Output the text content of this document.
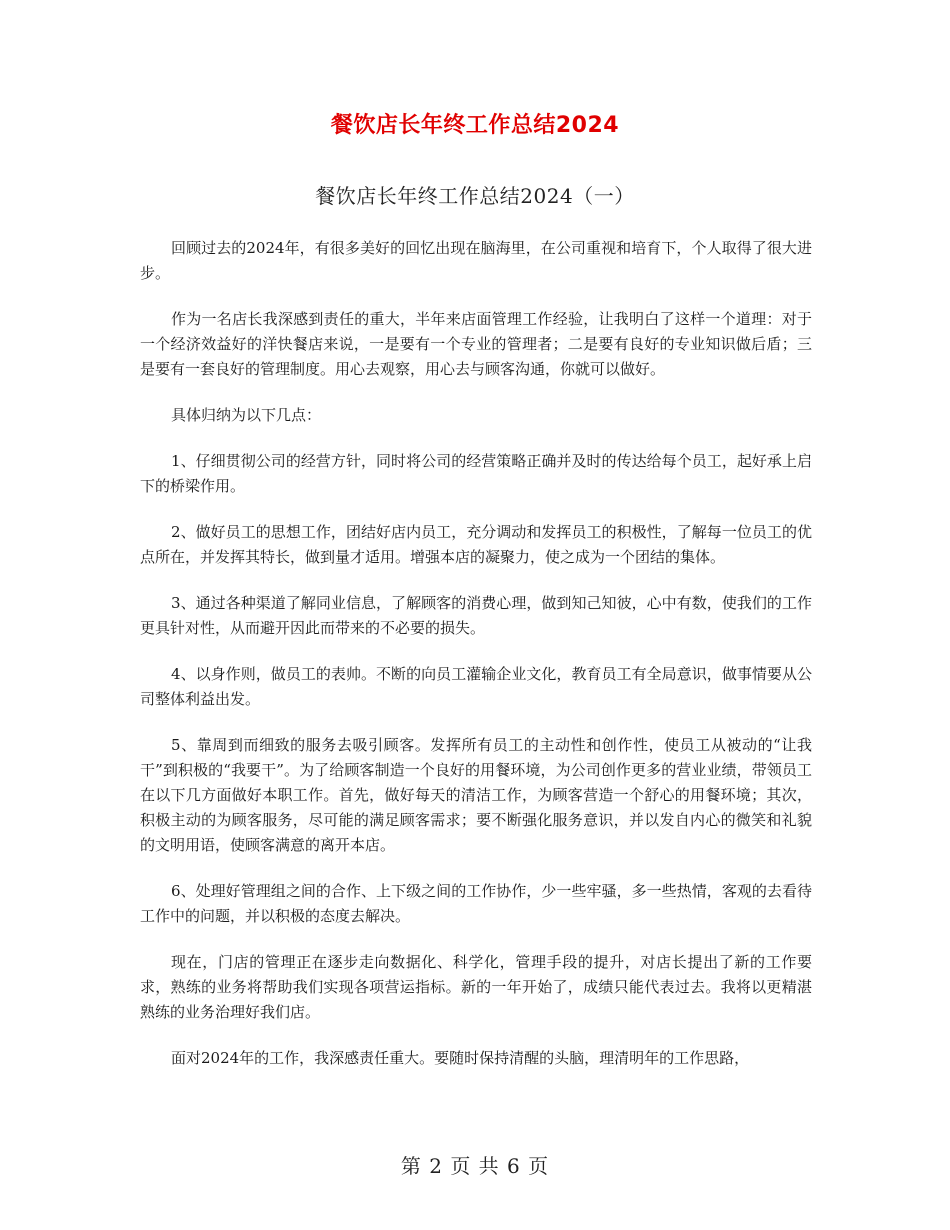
餐饮店长年终工作总结2024
餐饮店长年终工作总结2024（一）

回顾过去的2024年，有很多美好的回忆出现在脑海里，在公司重视和培育下，个人取得了很大进步。

作为一名店长我深感到责任的重大，半年来店面管理工作经验，让我明白了这样一个道理：对于一个经济效益好的洋快餐店来说，一是要有一个专业的管理者；二是要有良好的专业知识做后盾；三是要有一套良好的管理制度。用心去观察，用心去与顾客沟通，你就可以做好。

具体归纳为以下几点：

1、仔细贯彻公司的经营方针，同时将公司的经营策略正确并及时的传达给每个员工，起好承上启下的桥梁作用。

2、做好员工的思想工作，团结好店内员工，充分调动和发挥员工的积极性，了解每一位员工的优点所在，并发挥其特长，做到量才适用。增强本店的凝聚力，使之成为一个团结的集体。

3、通过各种渠道了解同业信息，了解顾客的消费心理，做到知己知彼，心中有数，使我们的工作更具针对性，从而避开因此而带来的不必要的损失。

4、以身作则，做员工的表帅。不断的向员工灌输企业文化，教育员工有全局意识，做事情要从公司整体利益出发。

5、靠周到而细致的服务去吸引顾客。发挥所有员工的主动性和创作性，使员工从被动的“让我干”到积极的“我要干”。为了给顾客制造一个良好的用餐环境，为公司创作更多的营业业绩，带领员工在以下几方面做好本职工作。首先，做好每天的清洁工作，为顾客营造一个舒心的用餐环境；其次，积极主动的为顾客服务，尽可能的满足顾客需求；要不断强化服务意识，并以发自内心的微笑和礼貌的文明用语，使顾客满意的离开本店。

6、处理好管理组之间的合作、上下级之间的工作协作，少一些牢骚，多一些热情，客观的去看待工作中的问题，并以积极的态度去解决。

现在，门店的管理正在逐步走向数据化、科学化，管理手段的提升，对店长提出了新的工作要求，熟练的业务将帮助我们实现各项营运指标。新的一年开始了，成绩只能代表过去。我将以更精湛熟练的业务治理好我们店。

面对2024年的工作，我深感责任重大。要随时保持清醒的头脑，理清明年的工作思路，

第 2 页 共 6 页
